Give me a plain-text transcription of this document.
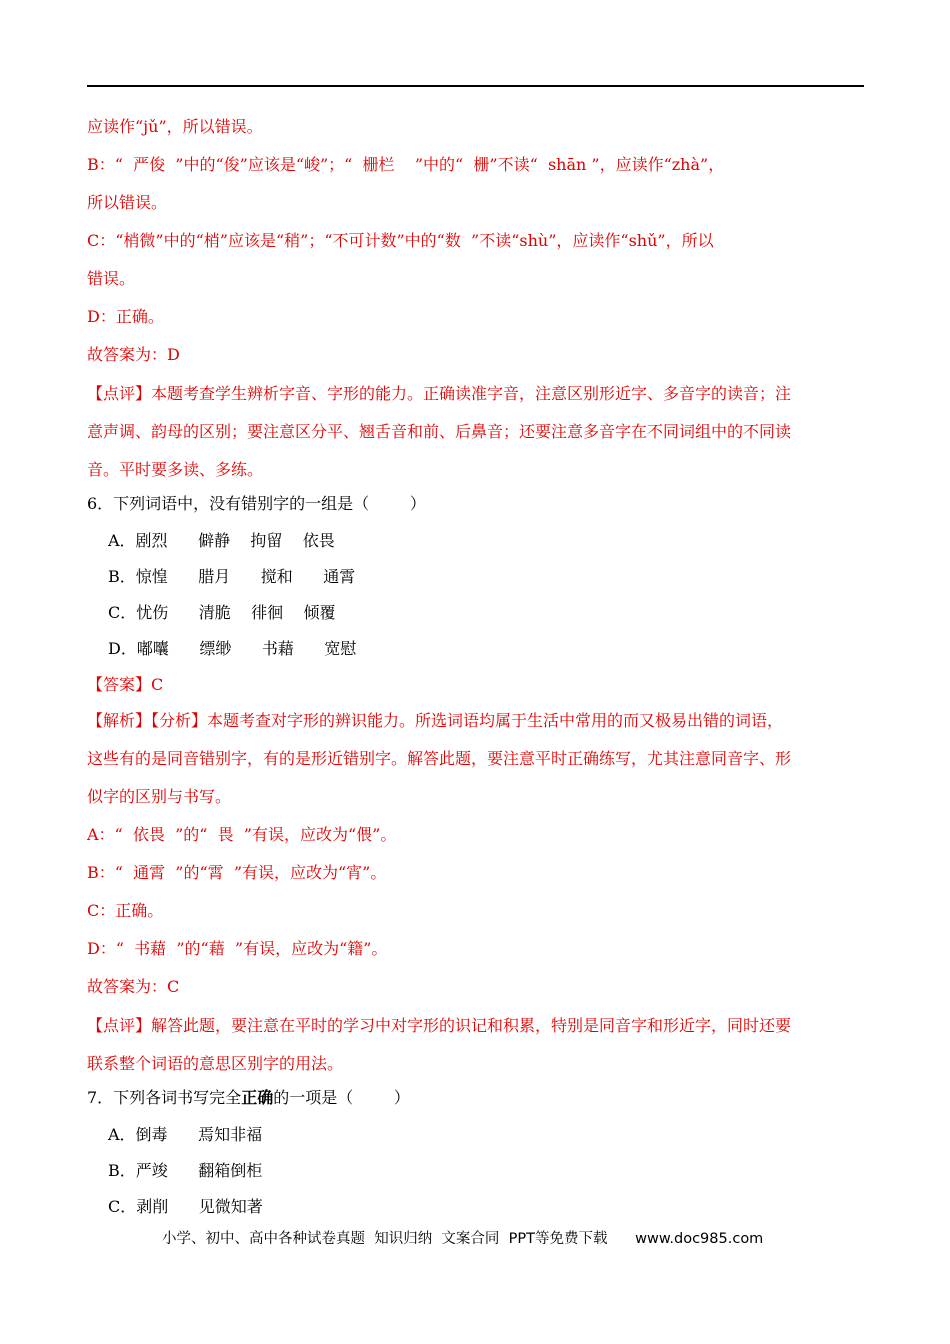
应读作“jǔ”，所以错误。
B：“  严俊  ”中的“俊”应该是“峻”；“  栅栏    ”中的“  栅”不读“  shān ”，应读作“zhà”，
所以错误。
C：“梢微”中的“梢”应该是“稍”；“不可计数”中的“数  ”不读“shù”，应读作“shǔ”，所以
错误。
D：正确。
故答案为：D
【点评】本题考查学生辨析字音、字形的能力。正确读准字音，注意区别形近字、多音字的读音；注
意声调、韵母的区别；要注意区分平、翘舌音和前、后鼻音；还要注意多音字在不同词组中的不同读
音。平时要多读、多练。
6．下列词语中，没有错别字的一组是（        ）
A．剧烈      僻静    拘留    依畏
B．惊惶      腊月      搅和      通霄
C．忧伤      清脆    徘徊    倾覆
D．嘟囔      缥缈      书藉      宽慰
【答案】C
【解析】【分析】本题考查对字形的辨识能力。所选词语均属于生活中常用的而又极易出错的词语，
这些有的是同音错别字，有的是形近错别字。解答此题，要注意平时正确练写，尤其注意同音字、形
似字的区别与书写。
A：“  依畏  ”的“  畏  ”有误，应改为“偎”。
B：“  通霄  ”的“霄  ”有误，应改为“宵”。
C：正确。
D：“  书藉  ”的“藉  ”有误，应改为“籍”。
故答案为：C
【点评】解答此题，要注意在平时的学习中对字形的识记和积累，特别是同音字和形近字，同时还要
联系整个词语的意思区别字的用法。
7．下列各词书写完全正确的一项是（        ）
A．倒毒      焉知非福
B．严竣      翻箱倒柜
C．剥削      见微知著
小学、初中、高中各种试卷真题  知识归纳  文案合同  PPT等免费下载      www.doc985.com
